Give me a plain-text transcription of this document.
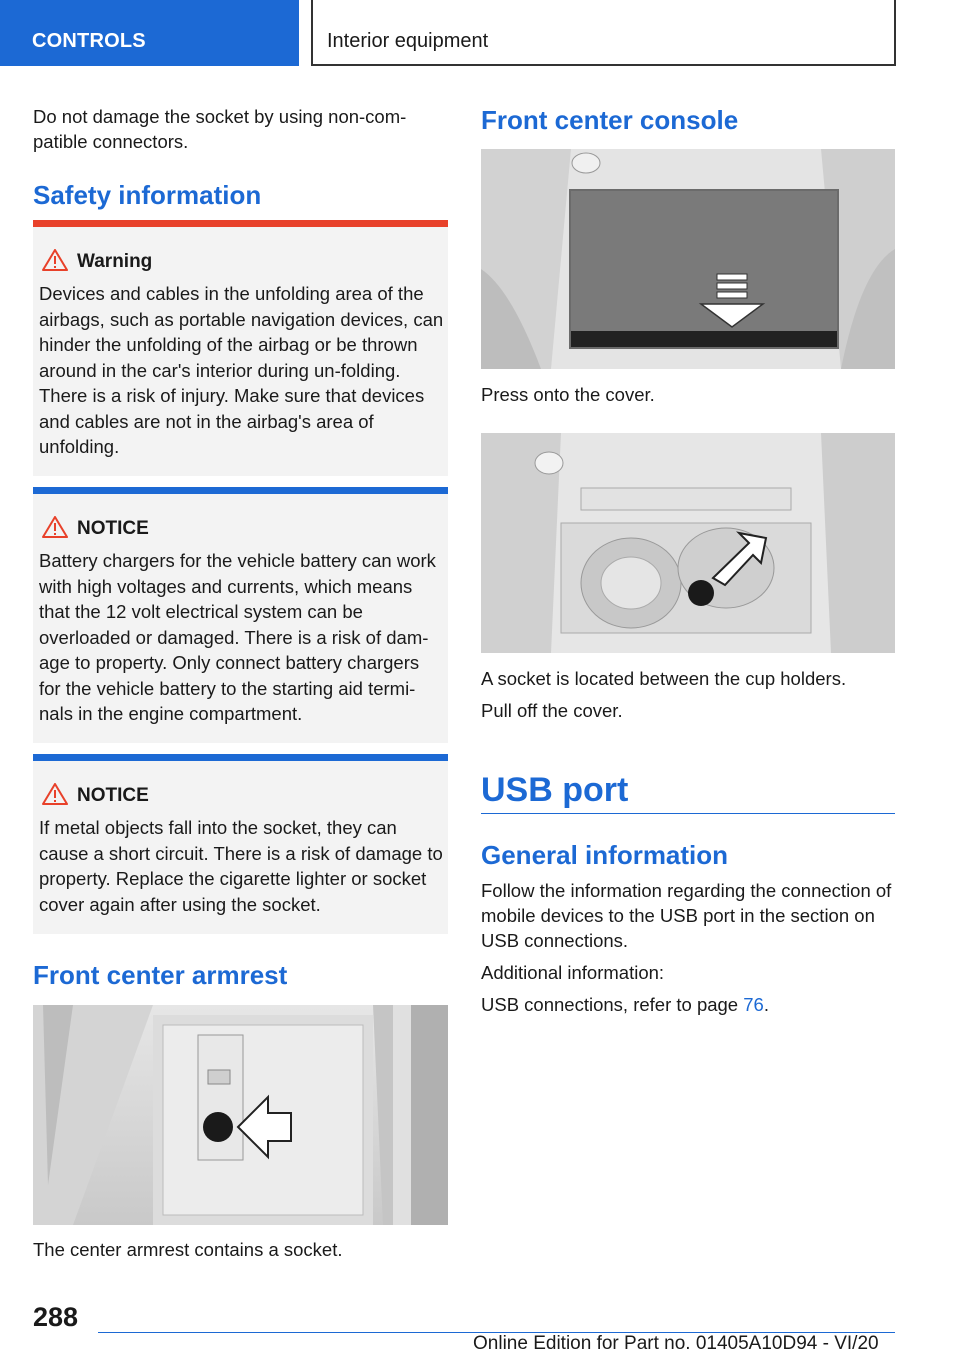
CONTROLS	Interior equipment
Do not damage the socket by using non-com‐
patible connectors.
Safety information
Warning
Devices and cables in the unfolding area of the airbags, such as portable navigation devices, can hinder the unfolding of the airbag or be thrown around in the car's interior during un‐folding. There is a risk of injury. Make sure that devices and cables are not in the airbag's area of unfolding.
NOTICE
Battery chargers for the vehicle battery can work with high voltages and currents, which means that the 12 volt electrical system can be overloaded or damaged. There is a risk of dam‐age to property. Only connect battery chargers for the vehicle battery to the starting aid termi‐nals in the engine compartment.
NOTICE
If metal objects fall into the socket, they can cause a short circuit. There is a risk of damage to property. Replace the cigarette lighter or socket cover again after using the socket.
Front center armrest
The center armrest contains a socket.
Front center console
Press onto the cover.
A socket is located between the cup holders.
Pull off the cover.
USB port
General information
Follow the information regarding the connection of mobile devices to the USB port in the section on USB connections.
Additional information:
USB connections, refer to page 76.
288
Online Edition for Part no. 01405A10D94 - VI/20
